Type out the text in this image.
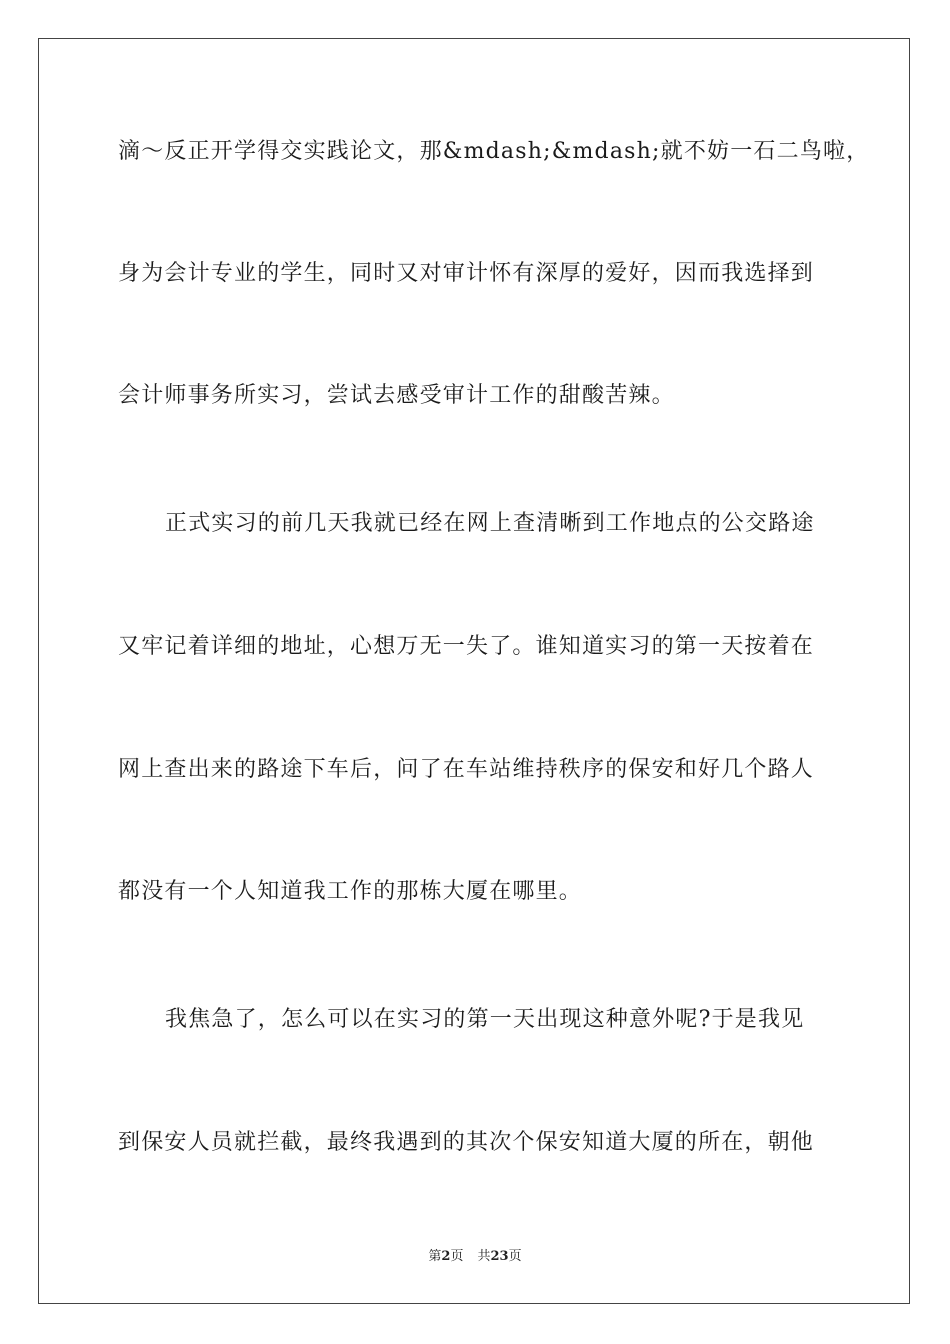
滴～反正开学得交实践论文，那&mdash;&mdash;就不妨一石二鸟啦，
身为会计专业的学生，同时又对审计怀有深厚的爱好，因而我选择到
会计师事务所实习，尝试去感受审计工作的甜酸苦辣。
正式实习的前几天我就已经在网上查清晰到工作地点的公交路途
又牢记着详细的地址，心想万无一失了。谁知道实习的第一天按着在
网上查出来的路途下车后，问了在车站维持秩序的保安和好几个路人
都没有一个人知道我工作的那栋大厦在哪里。
我焦急了，怎么可以在实习的第一天出现这种意外呢?于是我见
到保安人员就拦截，最终我遇到的其次个保安知道大厦的所在，朝他
第2页 共23页
